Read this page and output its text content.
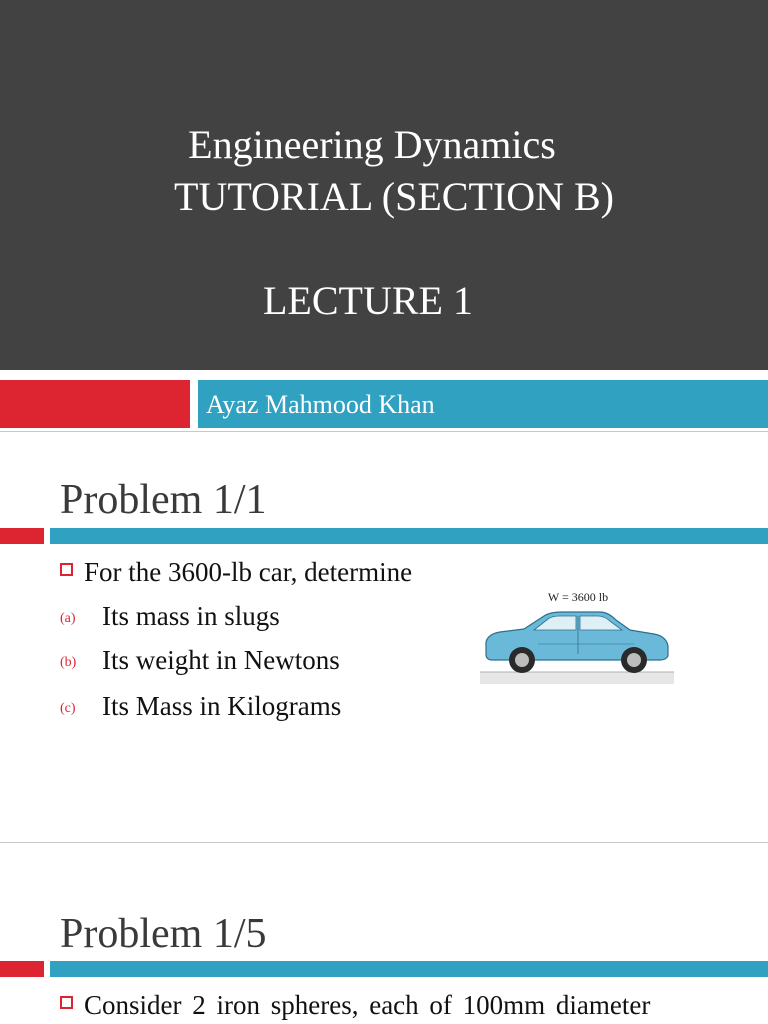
Engineering Dynamics
TUTORIAL (SECTION B)
LECTURE 1
Ayaz Mahmood Khan
Problem 1/1
For the 3600-lb car, determine
(a) Its mass in slugs
(b) Its weight in Newtons
(c) Its Mass in Kilograms
W = 3600 lb
Problem 1/5
Consider 2 iron spheres, each of 100mm diameter
